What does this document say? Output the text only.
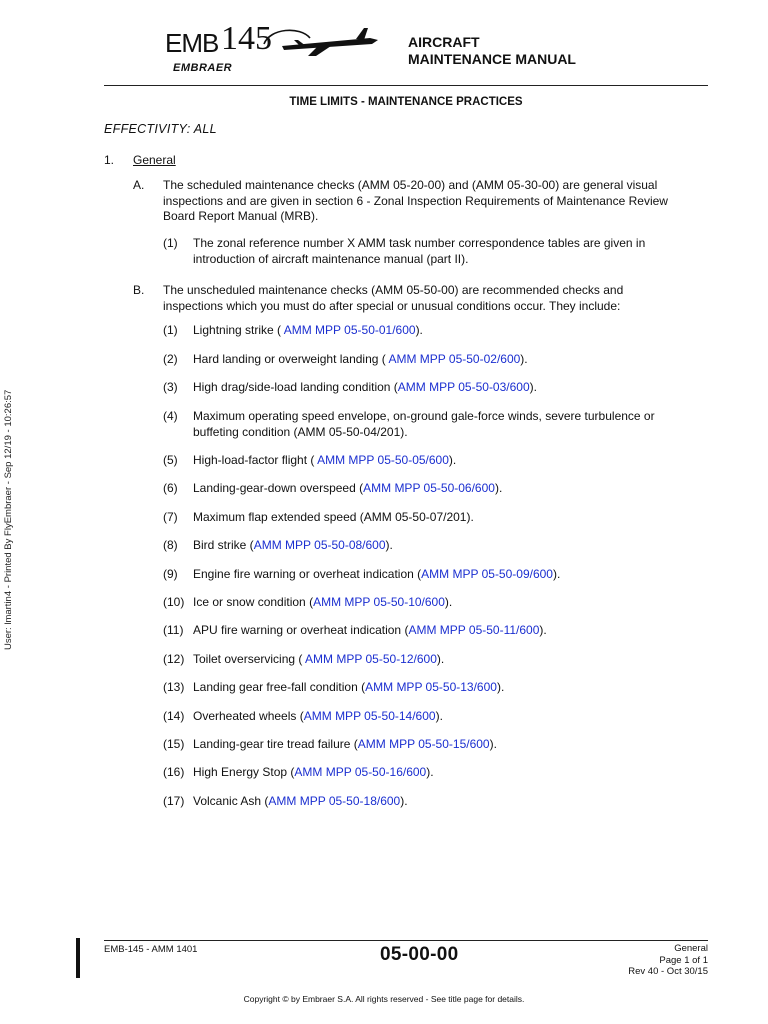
EMB 145
EMBRAER
AIRCRAFT
MAINTENANCE MANUAL
TIME LIMITS - MAINTENANCE PRACTICES
EFFECTIVITY: ALL
1. General
A. The scheduled maintenance checks (AMM 05-20-00) and (AMM 05-30-00) are general visual
inspections and are given in section 6 - Zonal Inspection Requirements of Maintenance Review
Board Report Manual (MRB).
(1) The zonal reference number X AMM task number correspondence tables are given in
introduction of aircraft maintenance manual (part II).
B. The unscheduled maintenance checks (AMM 05-50-00) are recommended checks and
inspections which you must do after special or unusual conditions occur. They include:
(1) Lightning strike ( AMM MPP 05-50-01/600).
(2) Hard landing or overweight landing ( AMM MPP 05-50-02/600).
(3) High drag/side-load landing condition (AMM MPP 05-50-03/600).
(4) Maximum operating speed envelope, on-ground gale-force winds, severe turbulence or
buffeting condition (AMM 05-50-04/201).
(5) High-load-factor flight ( AMM MPP 05-50-05/600).
(6) Landing-gear-down overspeed (AMM MPP 05-50-06/600).
(7) Maximum flap extended speed (AMM 05-50-07/201).
(8) Bird strike (AMM MPP 05-50-08/600).
(9) Engine fire warning or overheat indication (AMM MPP 05-50-09/600).
(10) Ice or snow condition (AMM MPP 05-50-10/600).
(11) APU fire warning or overheat indication (AMM MPP 05-50-11/600).
(12) Toilet overservicing ( AMM MPP 05-50-12/600).
(13) Landing gear free-fall condition (AMM MPP 05-50-13/600).
(14) Overheated wheels (AMM MPP 05-50-14/600).
(15) Landing-gear tire tread failure (AMM MPP 05-50-15/600).
(16) High Energy Stop (AMM MPP 05-50-16/600).
(17) Volcanic Ash (AMM MPP 05-50-18/600).
User: lmartin4 - Printed By FlyEmbraer - Sep 12/19 - 10:26:57
EMB-145 - AMM 1401	05-00-00	General
Page 1 of 1
Rev 40 - Oct 30/15
Copyright © by Embraer S.A. All rights reserved - See title page for details.
